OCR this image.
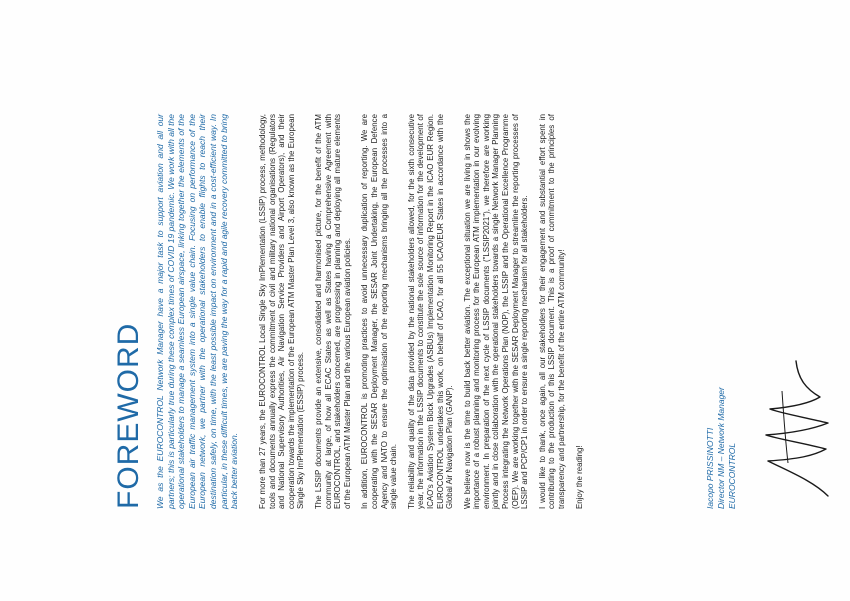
FOREWORD We as the EUROCONTROL Network Manager have a major task to support aviation and all our partners; this is particularly true during these complex times of COVID 19 pandemic. We work with all the operational stakeholders to manage a seamless European airspace, linking together the elements of the European air traffic management system into a single value chain. Focusing on performance of the European network, we partner with the operational stakeholders to enable flights to reach their destination safely, on time, with the least possible impact on environment and in a cost-efficient way. In particular, in these difficult times, we are paving the way for a rapid and agile recovery committed to bring back better aviation. For more than 27 years, the EUROCONTROL Local Single Sky ImPlementation (LSSIP) process, methodology, tools and documents annually express the commitment of civil and military national organisations (Regulators and National Supervisory Authorities, Air Navigation Service Providers and Airport Operators), and their cooperation towards the implementation of the European ATM Master Plan Level 3, also known as the European Single Sky ImPlementation (ESSIP) process. The LSSIP documents provide an extensive, consolidated and harmonised picture, for the benefit of the ATM community at large, of how all ECAC States as well as States having a Comprehensive Agreement with EUROCONTROL, and stakeholders concerned, are progressing in planning and deploying all mature elements of the European ATM Master Plan and the various European aviation policies. In addition, EUROCONTROL is promoting practices to avoid unnecessary duplication of reporting. We are cooperating with the SESAR Deployment Manager, the SESAR Joint Undertaking, the European Defence Agency and NATO to ensure the optimisation of the reporting mechanisms bringing all the processes into a single value chain. The reliability and quality of the data provided by the national stakeholders allowed, for the sixth consecutive year, the information in the LSSIP documents to constitute the sole source of information for the development of ICAO's Aviation System Block Upgrades (ASBUs) Implementation Monitoring Report in the ICAO EUR Region. EUROCONTROL undertakes this work, on behalf of ICAO, for all 55 ICAO/EUR States in accordance with the Global Air Navigation Plan (GANP). We believe now is the time to build back better aviation. The exceptional situation we are living in shows the importance of a robust planning and monitoring process for the European ATM implementation in our evolving environment. In preparation of the next cycle of LSSIP documents ("LSSIP2021"), we therefore are working jointly and in close collaboration with the operational stakeholders towards a single Network Manager Planning Process integrating the Network Operations Plan (NOP), the LSSIP and the Operational Excellence Programme (OEP). We are working together with the SESAR Deployment Manager to streamline the reporting processes of LSSIP and PCP/CP1 in order to ensure a single reporting mechanism for all stakeholders. I would like to thank, once again, all our stakeholders for their engagement and substantial effort spent in contributing to the production of this LSSIP document. This is a proof of commitment to the principles of transparency and partnership, for the benefit of the entire ATM community! Enjoy the reading!	Iacopo PRISSINOTTI Director NM – Network Manager EUROCONTROL
